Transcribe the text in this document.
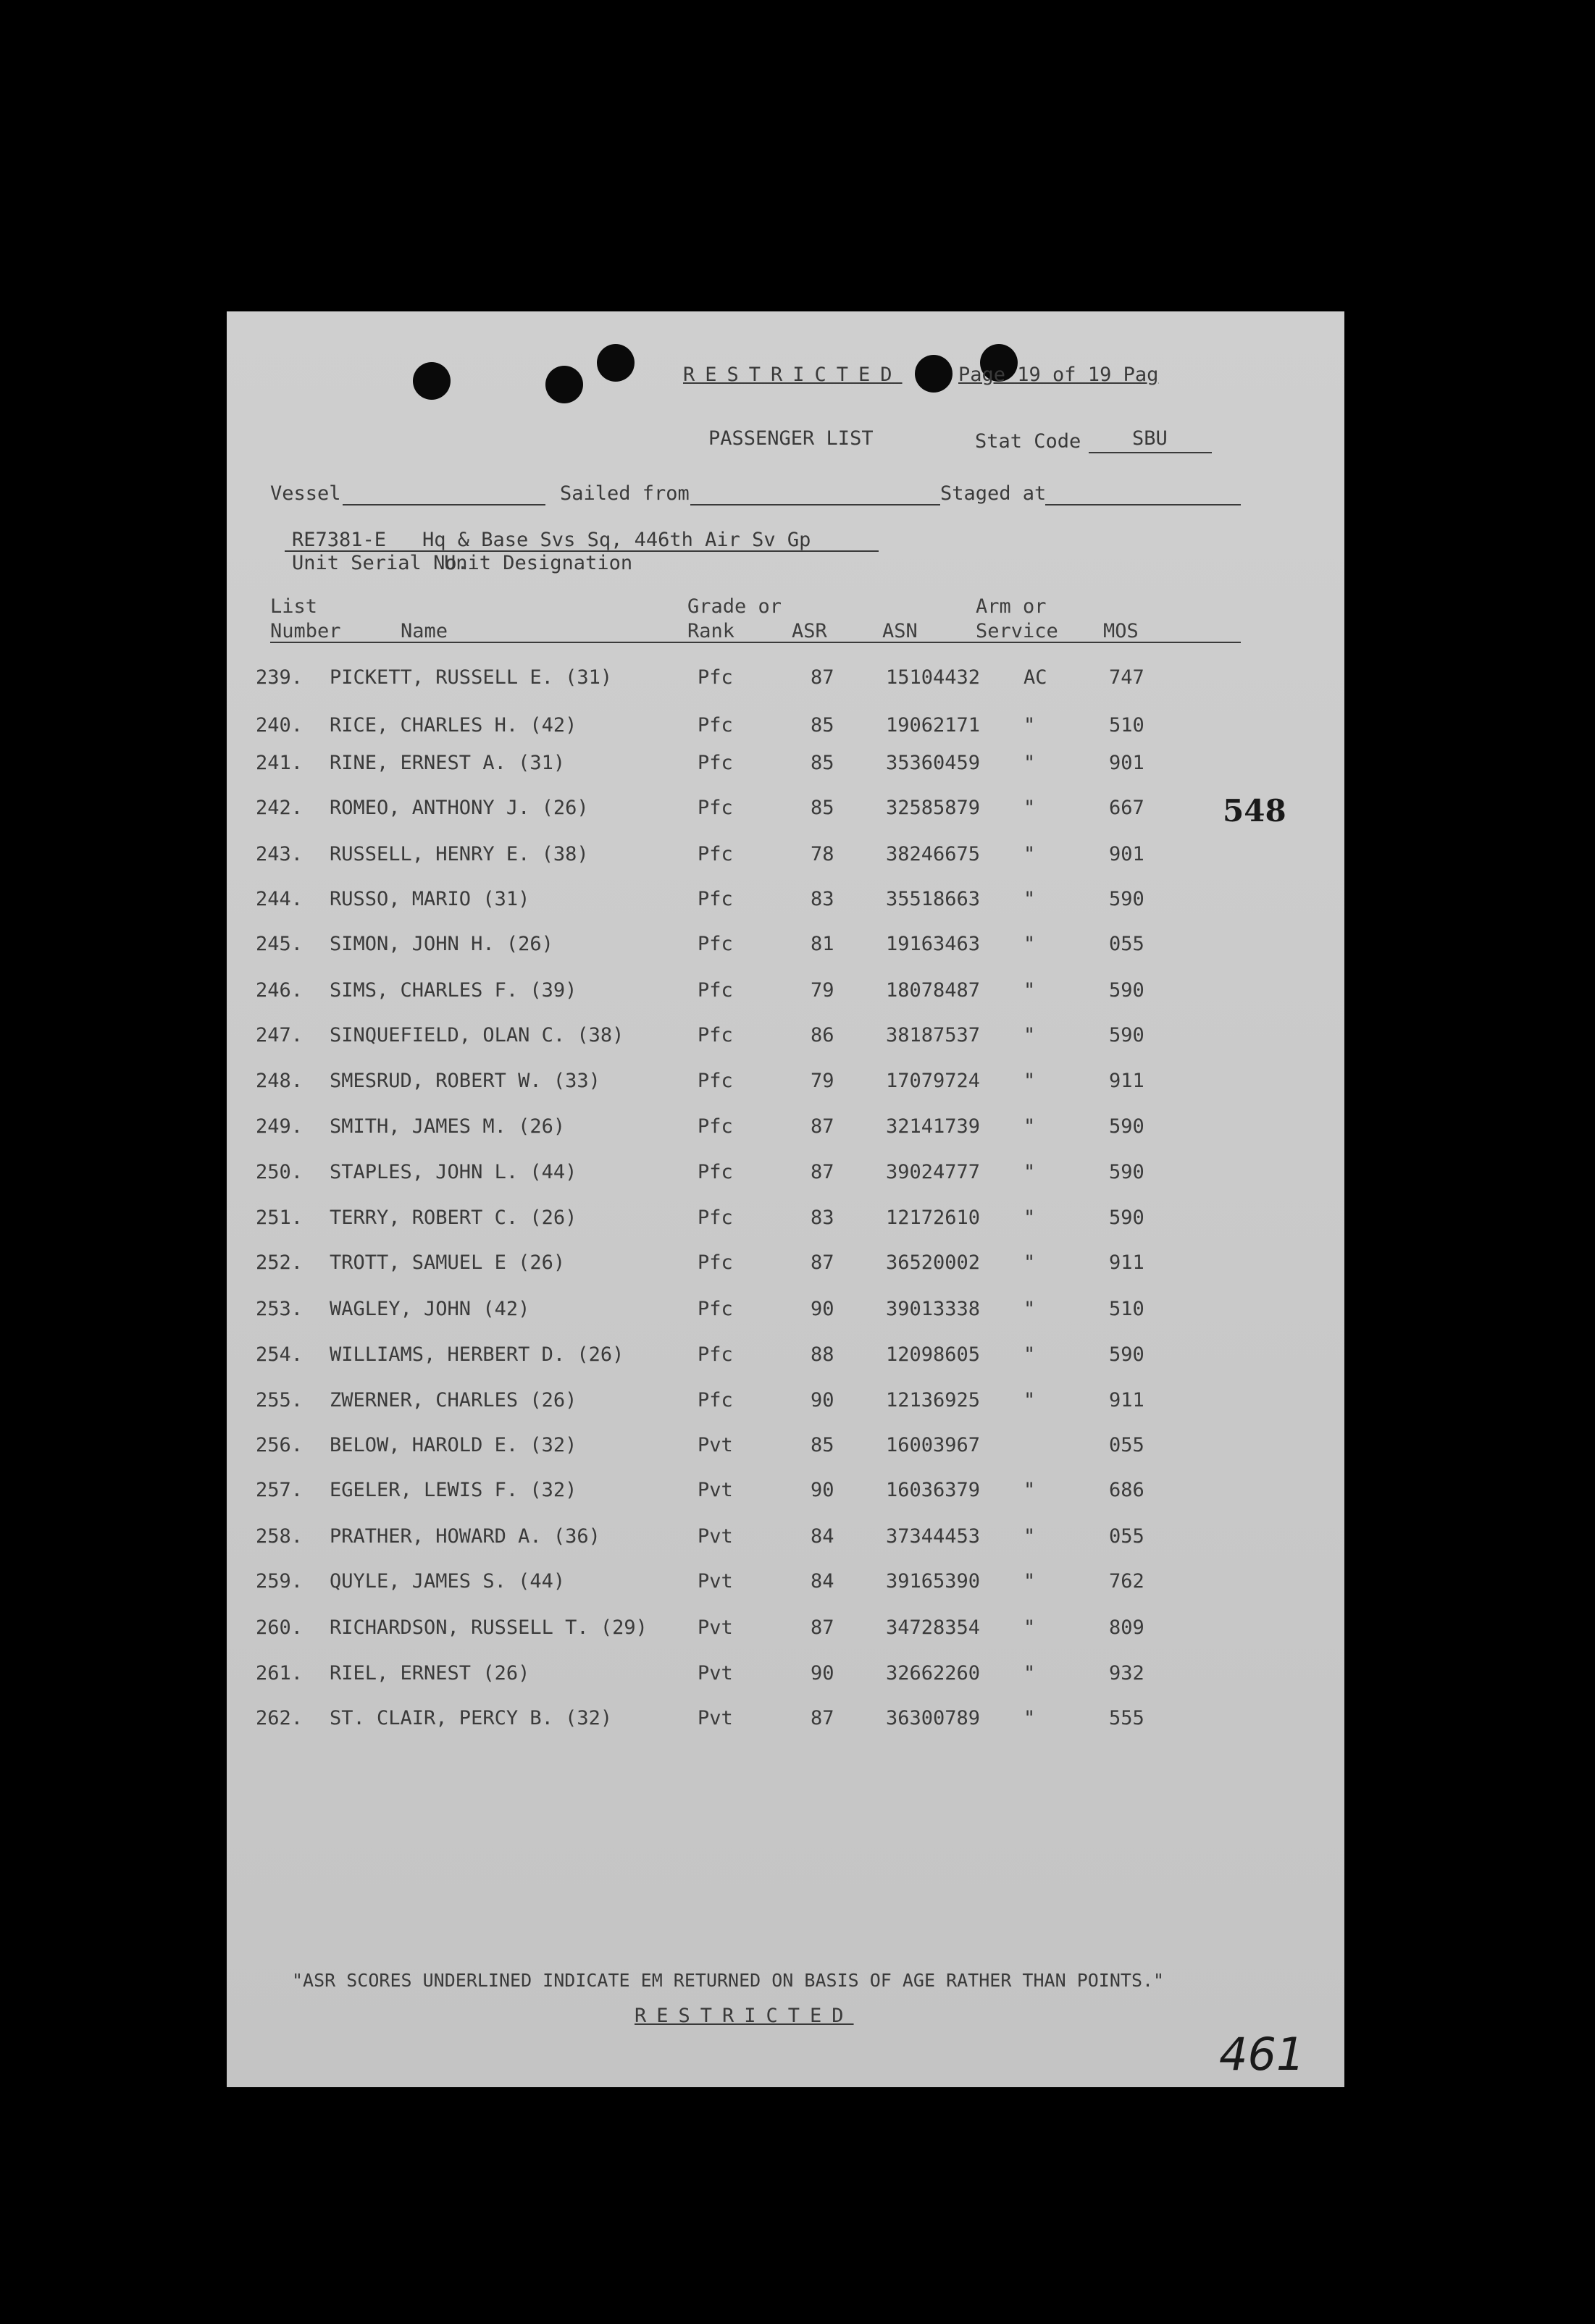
RESTRICTED	Page 19 of 19 Pag
PASSENGER LIST	Stat Code	SBU
Vessel	Sailed from	Staged at
RE7381-E Hq & Base Svs Sq, 446th Air Sv Gp
Unit Serial No.
Unit Designation
List
Number	Name
Grade or
Rank	ASR	ASN
Arm or
Service MOS
239. PICKETT, RUSSELL E. (31)	Pfc	87	15104432 AC	747
240. RICE, CHARLES H. (42)	Pfc	85	19062171 "	510
241. RINE, ERNEST A. (31)	Pfc	85	35360459 "	901
242. ROMEO, ANTHONY J. (26)	Pfc	85	32585879 "	667
243. RUSSELL, HENRY E. (38)	Pfc	78	38246675 "	901
244. RUSSO, MARIO (31)	Pfc	83	35518663 "	590
245. SIMON, JOHN H. (26)	Pfc	81	19163463 "	055
246. SIMS, CHARLES F. (39)	Pfc	79	18078487 "	590
247. SINQUEFIELD, OLAN C. (38)	Pfc	86	38187537 "	590
248. SMESRUD, ROBERT W. (33)	Pfc	79	17079724 "	911
249. SMITH, JAMES M. (26)	Pfc	87	32141739 "	590
250. STAPLES, JOHN L. (44)	Pfc	87	39024777 "	590
251. TERRY, ROBERT C. (26)	Pfc	83	12172610 "	590
252. TROTT, SAMUEL E (26)	Pfc	87	36520002 "	911
253. WAGLEY, JOHN (42)	Pfc	90	39013338 "	510
254. WILLIAMS, HERBERT D. (26)	Pfc	88	12098605 "	590
255. ZWERNER, CHARLES (26)	Pfc	90	12136925 "	911
256. BELOW, HAROLD E. (32)	Pvt	85	16003967	055
257. EGELER, LEWIS F. (32)	Pvt	90	16036379 "	686
258. PRATHER, HOWARD A. (36)	Pvt	84	37344453 "	055
259. QUYLE, JAMES S. (44)	Pvt	84	39165390 "	762
260. RICHARDSON, RUSSELL T. (29)	Pvt	87	34728354 "	809
261. RIEL, ERNEST (26)	Pvt	90	32662260 "	932
262. ST. CLAIR, PERCY B. (32)	Pvt	87	36300789 "	555
548
461
"ASR SCORES UNDERLINED INDICATE EM RETURNED ON BASIS OF AGE RATHER THAN POINTS."
RESTRICTED
